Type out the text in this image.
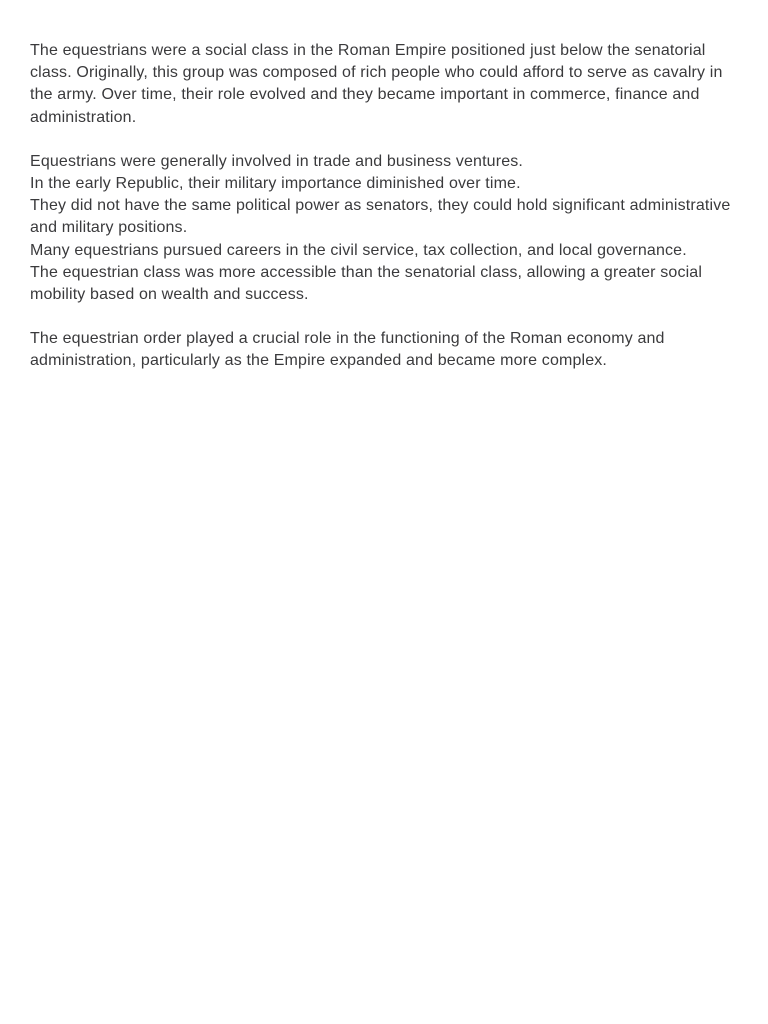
The equestrians were a social class in the Roman Empire positioned just below the senatorial
class. Originally, this group was composed of rich people who could afford to serve as cavalry in
the army. Over time, their role evolved and they became important in commerce, finance and
administration.
Equestrians were generally involved in trade and business ventures.
In the early Republic, their military importance diminished over time.
They did not have the same political power as senators, they could hold significant administrative
and military positions.
Many equestrians pursued careers in the civil service, tax collection, and local governance.
The equestrian class was more accessible than the senatorial class, allowing a greater social
mobility based on wealth and success.
The equestrian order played a crucial role in the functioning of the Roman economy and
administration, particularly as the Empire expanded and became more complex.
